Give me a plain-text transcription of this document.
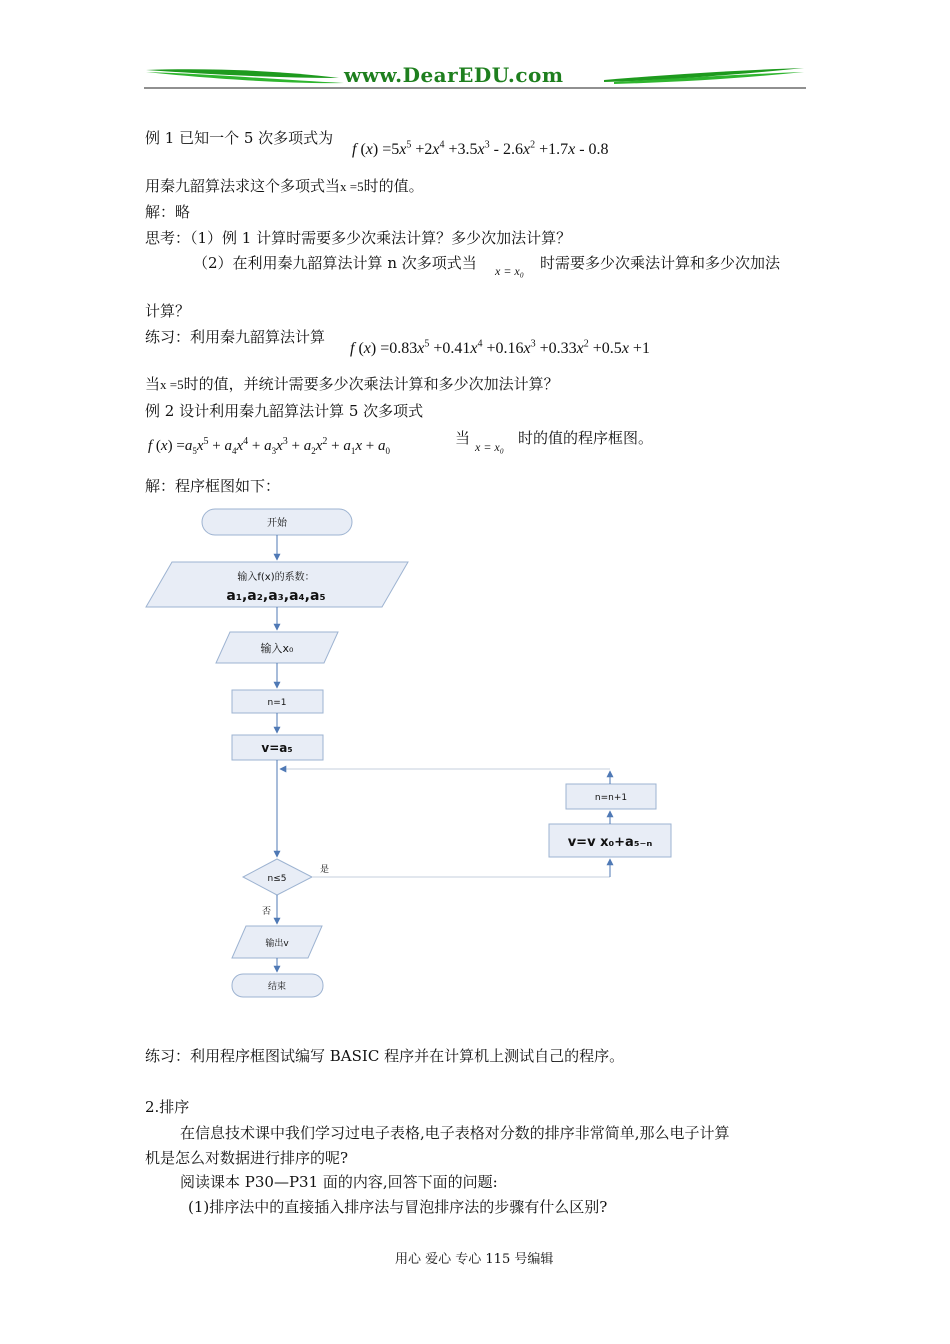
www.DearEDU.com
例 1 已知一个 5 次多项式为
f $(x) =5x^5 +2x^4 +3.5x^3 - 2.6x^2 +1.7x - 0.8$
用秦九韶算法求这个多项式当x =5时的值。
解：略
思考：（1）例 1 计算时需要多少次乘法计算？多少次加法计算？
（2）在利用秦九韶算法计算 n 次多项式当 x = x₀ 时需要多少次乘法计算和多少次加法
计算？
练习：利用秦九韶算法计算
f $(x) =0.83x^5 +0.41x^4 +0.16x^3 +0.33x^2 +0.5x +1$
当x =5时的值，并统计需要多少次乘法计算和多少次加法计算？
例 2 设计利用秦九韶算法计算 5 次多项式
f $(x) =a_5x^5 + a_4x^4 + a_3x^3 + a_2x^2 + a_1x + a_0$
当 x = x₀ 时的值的程序框图。
解：程序框图如下：
开始
输入f(x)的系数：
a₁,a₂,a₃,a₄,a₅
输入x₀
n=1
v=a₅
n=n+1
v=v x₀+a₅₋ₙ
n≤5
是
否
输出v
结束
练习：利用程序框图试编写 BASIC 程序并在计算机上测试自己的程序。
2.排序
在信息技术课中我们学习过电子表格,电子表格对分数的排序非常简单,那么电子计算
机是怎么对数据进行排序的呢?
阅读课本 P30—P31 面的内容,回答下面的问题:
(1)排序法中的直接插入排序法与冒泡排序法的步骤有什么区别?
用心 爱心 专心 115 号编辑
